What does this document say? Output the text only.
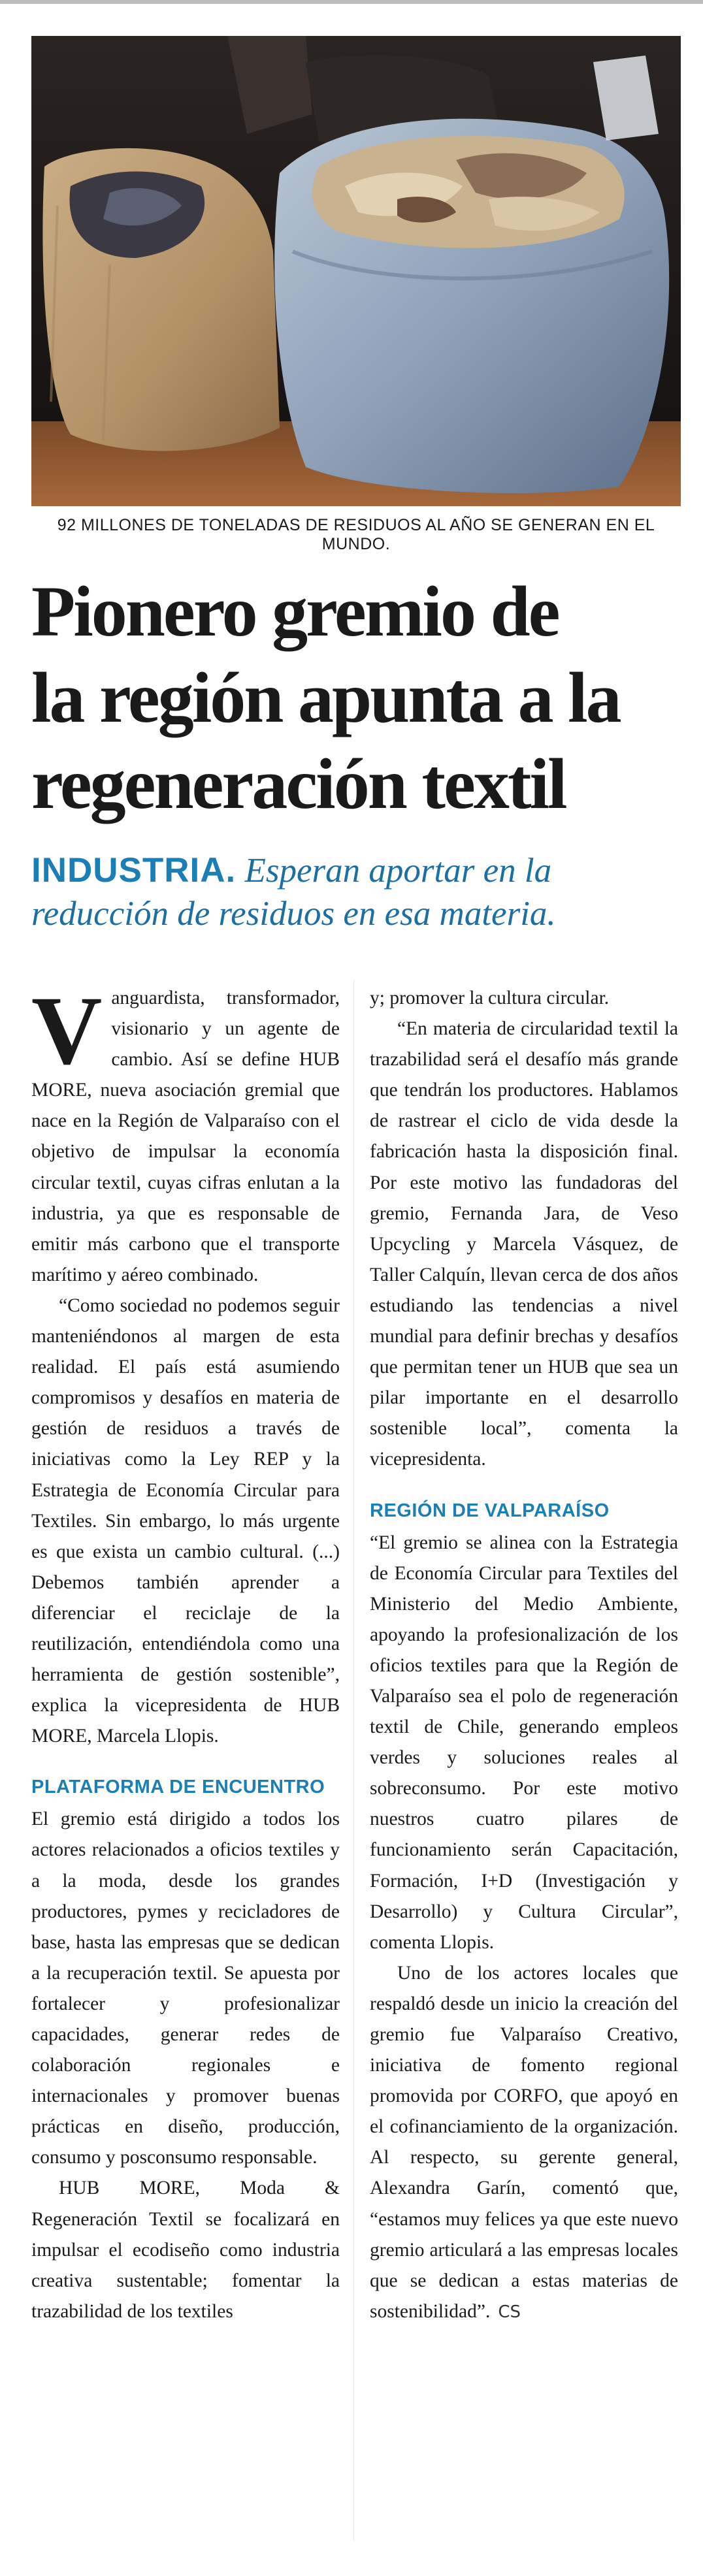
92 MILLONES DE TONELADAS DE RESIDUOS AL AÑO SE GENERAN EN EL MUNDO.
Pionero gremio de
la región apunta a la
regeneración textil
INDUSTRIA. Esperan aportar en la reducción de residuos en esa materia.

Vanguardista, transformador, visionario y un agente de cambio. Así se define HUB MORE, nueva asociación gremial que nace en la Región de Valparaíso con el objetivo de impulsar la economía circular textil, cuyas cifras enlutan a la industria, ya que es responsable de emitir más carbono que el transporte marítimo y aéreo combinado.

“Como sociedad no podemos seguir manteniéndonos al margen de esta realidad. El país está asumiendo compromisos y desafíos en materia de gestión de residuos a través de iniciativas como la Ley REP y la Estrategia de Economía Circular para Textiles. Sin embargo, lo más urgente es que exista un cambio cultural. (...) Debemos también aprender a diferenciar el reciclaje de la reutilización, entendiéndola como una herramienta de gestión sostenible”, explica la vicepresidenta de HUB MORE, Marcela Llopis.

PLATAFORMA DE ENCUENTRO

El gremio está dirigido a todos los actores relacionados a oficios textiles y a la moda, desde los grandes productores, pymes y recicladores de base, hasta las empresas que se dedican a la recuperación textil. Se apuesta por fortalecer y profesionalizar capacidades, generar redes de colaboración regionales e internacionales y promover buenas prácticas en diseño, producción, consumo y posconsumo responsable.

HUB MORE, Moda & Regeneración Textil se focalizará en impulsar el ecodiseño como industria creativa sustentable; fomentar la trazabilidad de los textiles

y; promover la cultura circular.

“En materia de circularidad textil la trazabilidad será el desafío más grande que tendrán los productores. Hablamos de rastrear el ciclo de vida desde la fabricación hasta la disposición final. Por este motivo las fundadoras del gremio, Fernanda Jara, de Veso Upcycling y Marcela Vásquez, de Taller Calquín, llevan cerca de dos años estudiando las tendencias a nivel mundial para definir brechas y desafíos que permitan tener un HUB que sea un pilar importante en el desarrollo sostenible local”, comenta la vicepresidenta.

REGIÓN DE VALPARAÍSO

“El gremio se alinea con la Estrategia de Economía Circular para Textiles del Ministerio del Medio Ambiente, apoyando la profesionalización de los oficios textiles para que la Región de Valparaíso sea el polo de regeneración textil de Chile, generando empleos verdes y soluciones reales al sobreconsumo. Por este motivo nuestros cuatro pilares de funcionamiento serán Capacitación, Formación, I+D (Investigación y Desarrollo) y Cultura Circular”, comenta Llopis.

Uno de los actores locales que respaldó desde un inicio la creación del gremio fue Valparaíso Creativo, iniciativa de fomento regional promovida por CORFO, que apoyó en el cofinanciamiento de la organización. Al respecto, su gerente general, Alexandra Garín, comentó que, “estamos muy felices ya que este nuevo gremio articulará a las empresas locales que se dedican a estas materias de sostenibilidad”. CS
